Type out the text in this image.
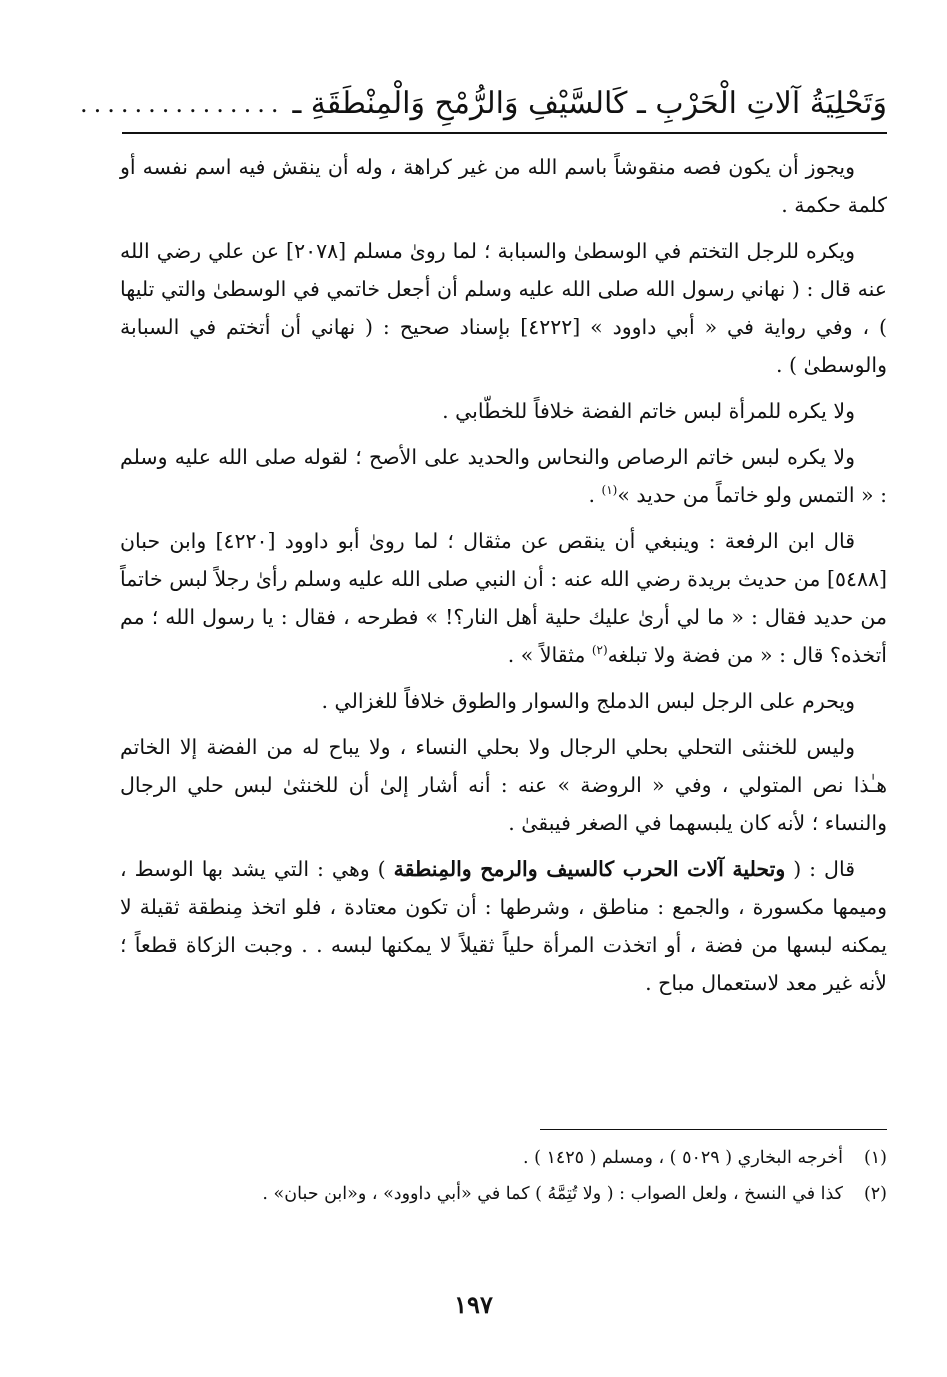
وَتَحْلِيَةُ آلاتِ الْحَرْبِ ـ كَالسَّيْفِ وَالرُّمْحِ وَالْمِنْطَقَةِ ـ
...............

ويجوز أن يكون فصه منقوشاً باسم الله من غير كراهة ، وله أن ينقش فيه اسم نفسه أو كلمة حكمة .

ويكره للرجل التختم في الوسطىٰ والسبابة ؛ لما روىٰ مسلم [٢٠٧٨] عن علي رضي الله عنه قال : ( نهاني رسول الله صلى الله عليه وسلم أن أجعل خاتمي في الوسطىٰ والتي تليها ) ، وفي رواية في « أبي داوود » [٤٢٢٢] بإسناد صحيح : ( نهاني أن أتختم في السبابة والوسطىٰ ) .

ولا يكره للمرأة لبس خاتم الفضة خلافاً للخطّابي .

ولا يكره لبس خاتم الرصاص والنحاس والحديد على الأصح ؛ لقوله صلى الله عليه وسلم : « التمس ولو خاتماً من حديد »$^{(١)}$ .

قال ابن الرفعة : وينبغي أن ينقص عن مثقال ؛ لما روىٰ أبو داوود [٤٢٢٠] وابن حبان [٥٤٨٨] من حديث بريدة رضي الله عنه : أن النبي صلى الله عليه وسلم رأىٰ رجلاً لبس خاتماً من حديد فقال : « ما لي أرىٰ عليك حلية أهل النار؟! » فطرحه ، فقال : يا رسول الله ؛ مم أتخذه؟ قال : « من فضة ولا تبلغه$^{(٢)}$ مثقالاً » .

ويحرم على الرجل لبس الدملج والسوار والطوق خلافاً للغزالي .

وليس للخنثى التحلي بحلي الرجال ولا بحلي النساء ، ولا يباح له من الفضة إلا الخاتم هـٰذا نص المتولي ، وفي « الروضة » عنه : أنه أشار إلىٰ أن للخنثىٰ لبس حلي الرجال والنساء ؛ لأنه كان يلبسهما في الصغر فيبقىٰ .

قال : ( وتحلية آلات الحرب كالسيف والرمح والمِنطقة ) وهي : التي يشد بها الوسط ، وميمها مكسورة ، والجمع : مناطق ، وشرطها : أن تكون معتادة ، فلو اتخذ مِنطقة ثقيلة لا يمكنه لبسها من فضة ، أو اتخذت المرأة حلياً ثقيلاً لا يمكنها لبسه . . وجبت الزكاة قطعاً ؛ لأنه غير معد لاستعمال مباح .

(١)أخرجه البخاري ( ٥٠٢٩ ) ، ومسلم ( ١٤٢٥ ) .

(٢)كذا في النسخ ، ولعل الصواب : ( ولا تُتِمَّهُ ) كما في «أبي داوود» ، و«ابن حبان» .

١٩٧
